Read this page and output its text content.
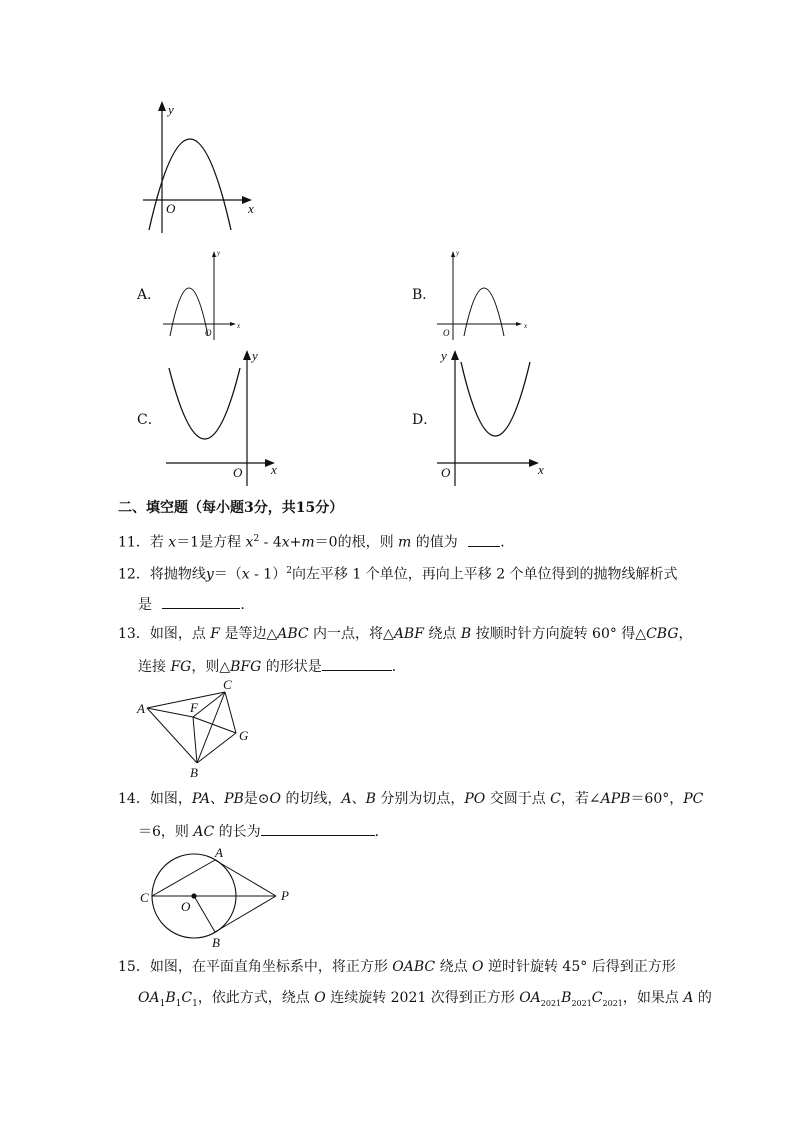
y
x
O
A．
y
x
O
B．
y
x
O
C．
y
x
O
D．
y
x
O
二、填空题（每小题3分，共15分）
11．若 x＝1是方程 $x^2 - 4x+m=0$的根，则 m 的值为	．
12．将抛物线y＝（x - 1）$^2$向左平移 1 个单位，再向上平移 2 个单位得到的抛物线解析式
是	．
13．如图，点 F 是等边△ABC 内一点，将△ABF 绕点 B 按顺时针方向旋转 60° 得△CBG，
连接 FG，则△BFG 的形状是	．
A
C
F
G
B
14．如图，PA、PB是⊙O 的切线，A、B 分别为切点，PO 交圆于点 C，若∠APB＝60°，PC
＝6，则 AC 的长为	．
A
C
O
P
B
15．如图，在平面直角坐标系中，将正方形 OABC 绕点 O 逆时针旋转 45° 后得到正方形
$OA_1B_1C_1$，依此方式，绕点 O 连续旋转 2021 次得到正方形 $OA_{2021}B_{2021}C_{2021}$，如果点 A 的
